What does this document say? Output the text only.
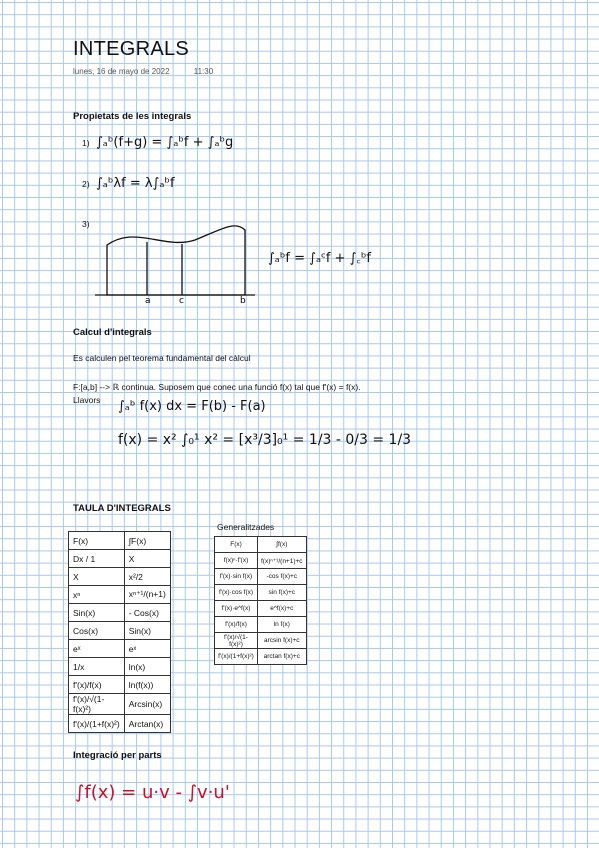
INTEGRALS
lunes, 16 de mayo de 2022	11:30
Propietats de les integrals
1) ∫ₐᵇ(f+g) = ∫ₐᵇf + ∫ₐᵇg
2) ∫ₐᵇλf = λ∫ₐᵇf
3)
a	c	b
∫ₐᵇf = ∫ₐᶜf + ∫꜀ᵇf
Calcul d'integrals
Es calculen pel teorema fundamental del càlcul
F:[a,b] --> ℝ continua. Suposem que conec una funció f(x) tal que f'(x) = f(x).
Llavors ∫ₐᵇ f(x) dx = F(b) - F(a)
f(x) = x² ∫₀¹ x² = [x³/3]₀¹ = 1/3 - 0/3 = 1/3
TAULA D'INTEGRALS
F(x)	∫F(x)
Dx / 1	X
X	x²/2
xⁿ	xⁿ⁺¹/(n+1)
Sin(x)	- Cos(x)
Cos(x)	Sin(x)
eˣ	eˣ
1/x	ln(x)
f'(x)/f(x)	ln(f(x))
f'(x)/√(1-f(x)²)	Arcsin(x)
f'(x)/(1+f(x)²)	Arctan(x)
Generalitzades
F(x)	∫f(x)
f(x)ⁿ·f'(x)	f(x)ⁿ⁺¹/(n+1)+c
f'(x)·sin f(x)	-cos f(x)+c
f'(x)·cos f(x)	sin f(x)+c
f'(x)·e^f(x)	e^f(x)+c
f'(x)/f(x)	ln f(x)
f'(x)/√(1-f(x)²)	arcsin f(x)+c
f'(x)/(1+f(x)²)	arctan f(x)+c
Integració per parts
∫f(x) = u·v - ∫v·u'
